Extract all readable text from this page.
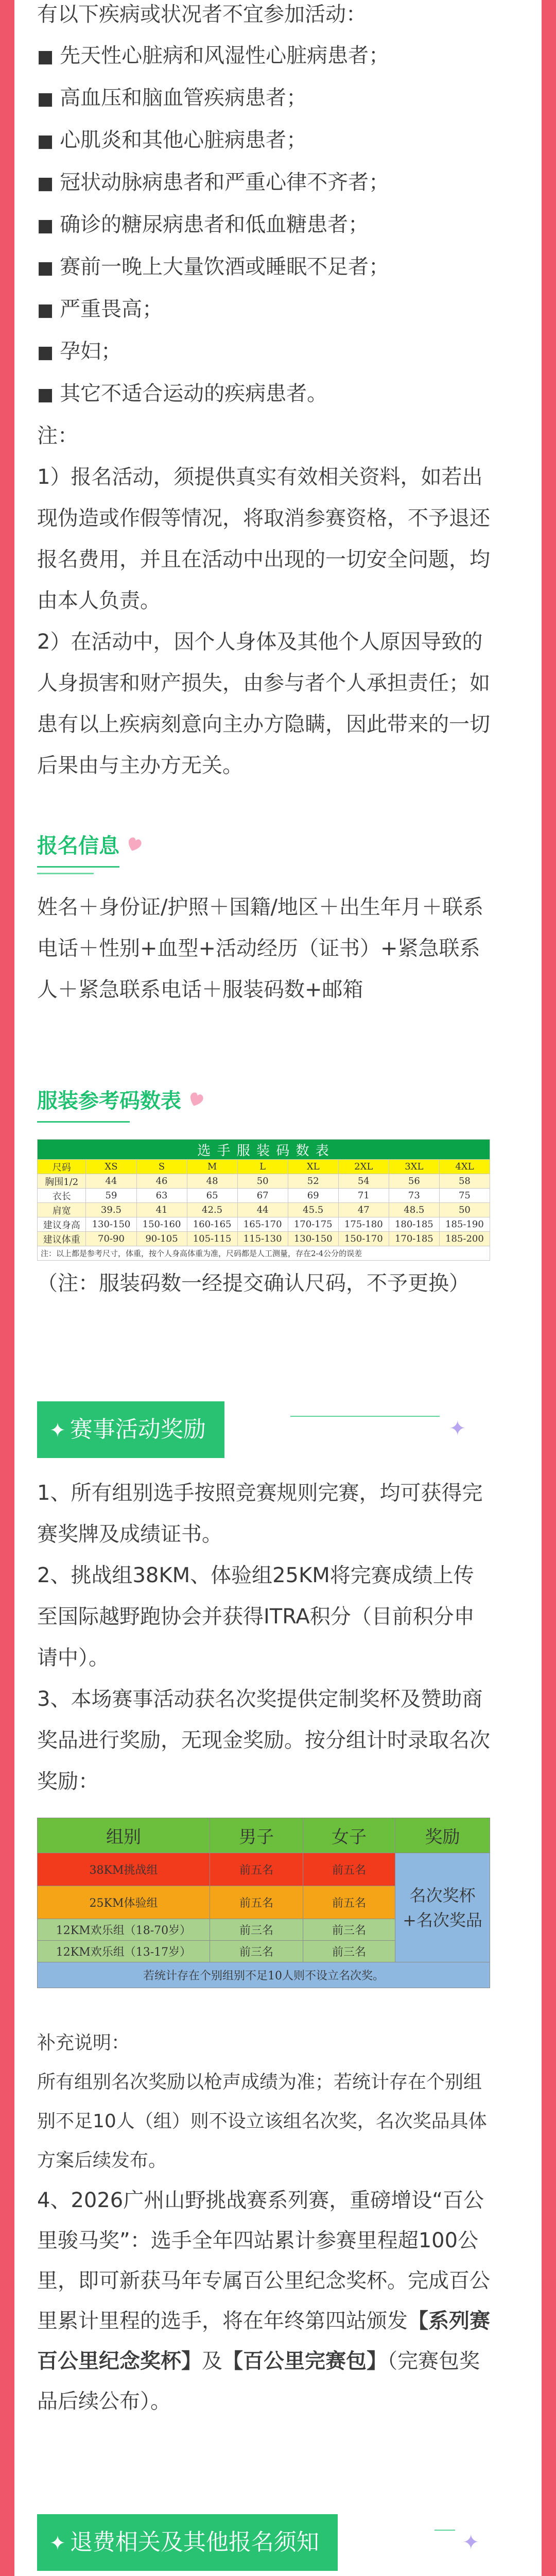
有以下疾病或状况者不宜参加活动：

■ 先天性心脏病和风湿性心脏病患者；

■ 高血压和脑血管疾病患者；

■ 心肌炎和其他心脏病患者；

■ 冠状动脉病患者和严重心律不齐者；

■ 确诊的糖尿病患者和低血糖患者；

■ 赛前一晚上大量饮酒或睡眠不足者；

■ 严重畏高；

■ 孕妇；

■ 其它不适合运动的疾病患者。

注：

1）报名活动，须提供真实有效相关资料，如若出现伪造或作假等情况，将取消参赛资格，不予退还报名费用，并且在活动中出现的一切安全问题，均由本人负责。

2）在活动中，因个人身体及其他个人原因导致的人身损害和财产损失，由参与者个人承担责任；如患有以上疾病刻意向主办方隐瞒，因此带来的一切后果由与主办方无关。

报名信息

姓名＋身份证/护照＋国籍/地区＋出生年月＋联系电话＋性别+血型+活动经历（证书）+紧急联系人＋紧急联系电话＋服装码数+邮箱

服装参考码数表
选 手 服 装 码 数 表								
尺码	XS	S	M	L	XL	2XL	3XL	4XL
胸围1/2	44	46	48	50	52	54	56	58
衣长	59	63	65	67	69	71	73	75
肩宽	39.5	41	42.5	44	45.5	47	48.5	50
建议身高	130-150	150-160	160-165	165-170	170-175	175-180	180-185	185-190
建议体重	70-90	90-105	105-115	115-130	130-150	150-170	170-185	185-200
注：以上都是参考尺寸，体重，按个人身高体重为准，尺码都是人工测量，存在2-4公分的误差								

（注：服装码数一经提交确认尺码，不予更换）

✦ 赛事活动奖励	✦

1、所有组别选手按照竞赛规则完赛，均可获得完赛奖牌及成绩证书。

2、挑战组38KM、体验组25KM将完赛成绩上传至国际越野跑协会并获得ITRA积分（目前积分申请中）。

3、本场赛事活动获名次奖提供定制奖杯及赞助商奖品进行奖励，无现金奖励。按分组计时录取名次奖励：

组别	男子	女子	奖励
38KM挑战组	前五名	前五名	名次奖杯+名次奖品
25KM体验组	前五名	前五名	
12KM欢乐组（18-70岁）	前三名	前三名	
12KM欢乐组（13-17岁）	前三名	前三名	
若统计存在个别组别不足10人则不设立名次奖。			

补充说明：

所有组别名次奖励以枪声成绩为准；若统计存在个别组别不足10人（组）则不设立该组名次奖，名次奖品具体方案后续发布。

4、2026广州山野挑战赛系列赛，重磅增设“百公里骏马奖”：选手全年四站累计参赛里程超100公里，即可新获马年专属百公里纪念奖杯。完成百公里累计里程的选手，将在年终第四站颁发【系列赛百公里纪念奖杯】及【百公里完赛包】（完赛包奖品后续公布）。

✦ 退费相关及其他报名须知	✦
